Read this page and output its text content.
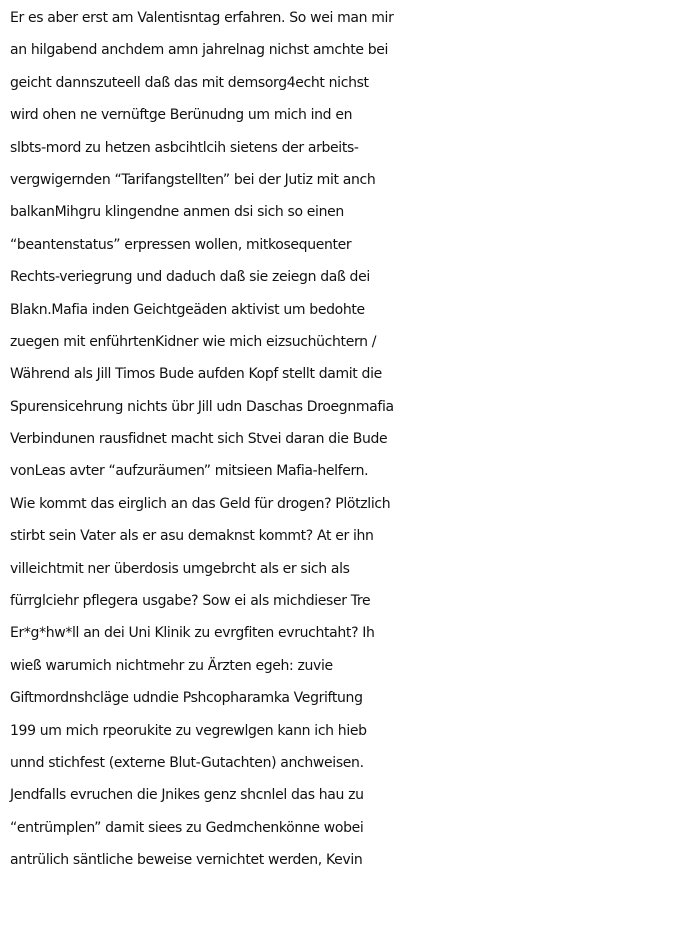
Er es aber erst am Valentisntag erfahren. So wei man mir
an hilgabend anchdem amn jahrelnag nichst amchte bei
geicht dannszuteell daß das mit demsorg4echt nichst
wird ohen ne vernüftge Berünudng um mich ind en
slbts-mord zu hetzen asbcihtlcih sietens der arbeits-
vergwigernden “Tarifangstellten” bei der Jutiz mit anch
balkanMihgru klingendne anmen dsi sich so einen
“beantenstatus” erpressen wollen, mitkosequenter
Rechts-veriegrung und daduch daß sie zeiegn daß dei
Blakn.Mafia inden Geichtgeäden aktivist um bedohte
zuegen mit enführtenKidner wie mich eizsuchüchtern /
Während als Jill Timos Bude aufden Kopf stellt damit die
Spurensicehrung nichts übr Jill udn Daschas Droegnmafia
Verbindunen rausfidnet macht sich Stvei daran die Bude
vonLeas avter “aufzuräumen” mitsieen Mafia-helfern.
Wie kommt das eirglich an das Geld für drogen? Plötzlich
stirbt sein Vater als er asu demaknst kommt? At er ihn
villeichtmit ner überdosis umgebrcht als er sich als
fürrglciehr pflegera usgabe? Sow ei als michdieser Tre
Er*g*hw*ll an dei Uni Klinik zu evrgfiten evruchtaht? Ih
wieß warumich nichtmehr zu Ärzten egeh: zuvie
Giftmordnshcläge udndie Pshcopharamka Vegriftung
199 um mich rpeorukite zu vegrewlgen kann ich hieb
unnd stichfest (externe Blut-Gutachten) anchweisen.
Jendfalls evruchen die Jnikes genz shcnlel das hau zu
“entrümplen” damit siees zu Gedmchenkönne wobei
antrülich säntliche beweise vernichtet werden, Kevin
